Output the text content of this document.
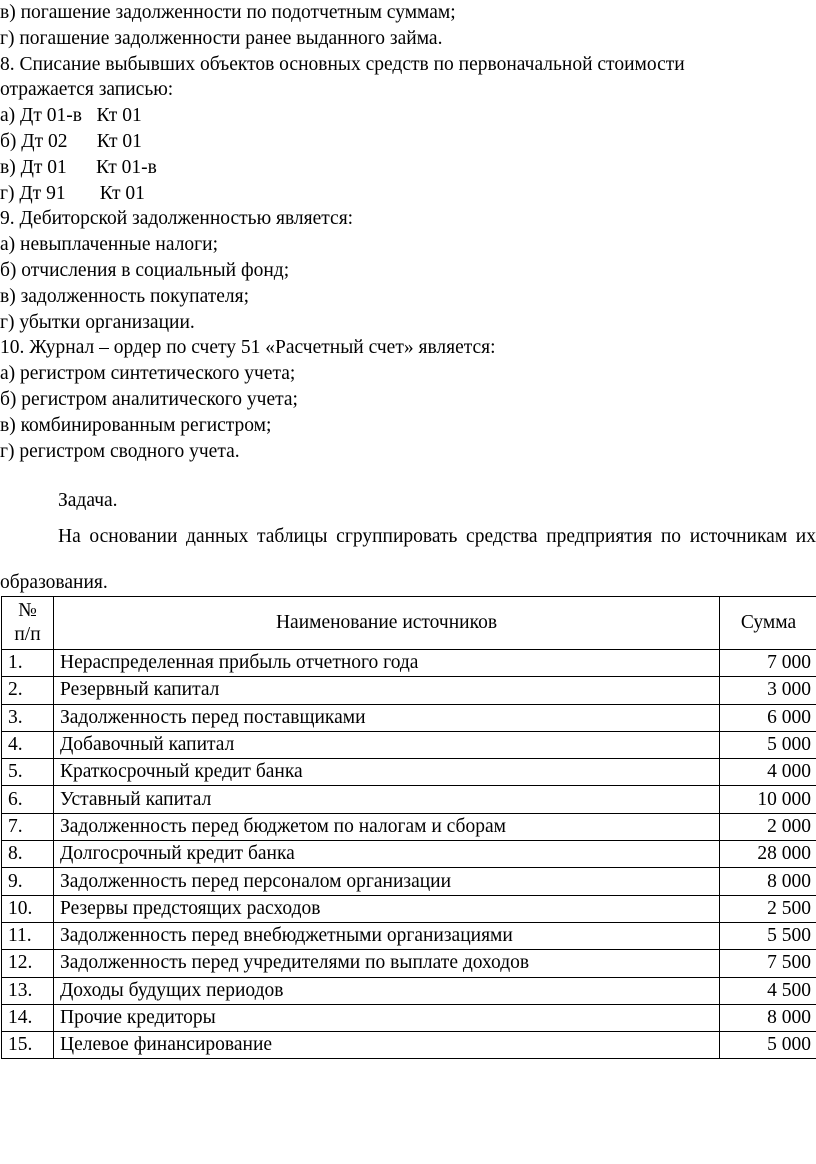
в) погашение задолженности по подотчетным суммам;
г) погашение задолженности ранее выданного займа.
8. Списание выбывших объектов основных средств по первоначальной стоимости
отражается записью:
а) Дт 01-в   Кт 01
б) Дт 02      Кт 01
в) Дт 01      Кт 01-в
г) Дт 91       Кт 01
9. Дебиторской задолженностью является:
а) невыплаченные налоги;
б) отчисления в социальный фонд;
в) задолженность покупателя;
г) убытки организации.
10. Журнал – ордер по счету 51 «Расчетный счет» является:
а) регистром синтетического учета;
б) регистром аналитического учета;
в) комбинированным регистром;
г) регистром сводного учета.
Задача.
На основании данных таблицы сгруппировать средства предприятия по источникам их образования.
№ п/п	Наименование источников	Сумма
1.	Нераспределенная прибыль отчетного года	7 000
2.	Резервный капитал	3 000
3.	Задолженность перед поставщиками	6 000
4.	Добавочный капитал	5 000
5.	Краткосрочный кредит банка	4 000
6.	Уставный капитал	10 000
7.	Задолженность перед бюджетом по налогам и сборам	2 000
8.	Долгосрочный кредит банка	28 000
9.	Задолженность перед персоналом организации	8 000
10.	Резервы предстоящих расходов	2 500
11.	Задолженность перед внебюджетными организациями	5 500
12.	Задолженность перед учредителями по выплате доходов	7 500
13.	Доходы будущих периодов	4 500
14.	Прочие кредиторы	8 000
15.	Целевое финансирование	5 000
